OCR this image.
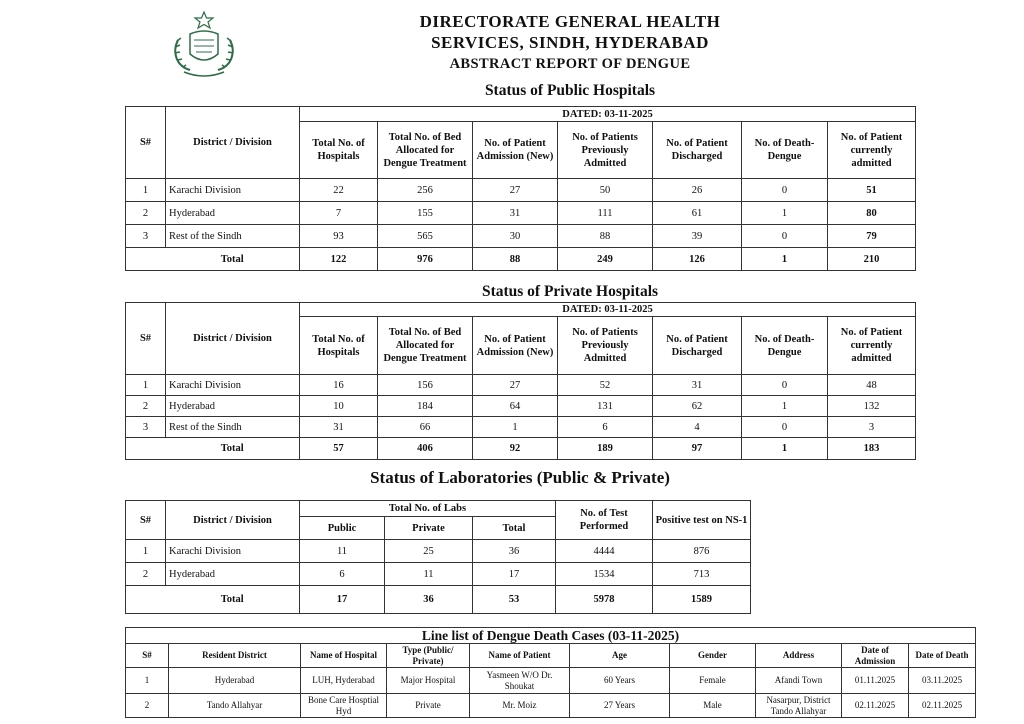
DIRECTORATE GENERAL HEALTH
SERVICES, SINDH, HYDERABAD
ABSTRACT REPORT OF DENGUE
Status of Public Hospitals
S#	District / Division	DATED: 03-11-2025						
		Total No. of Hospitals	Total No. of Bed Allocated for Dengue Treatment	No. of Patient Admission (New)	No. of Patients Previously Admitted	No. of Patient Discharged	No. of Death-Dengue	No. of Patient currently admitted
1	Karachi Division	22	256	27	50	26	0	51
2	Hyderabad	7	155	31	111	61	1	80
3	Rest of the Sindh	93	565	30	88	39	0	79
	Total	122	976	88	249	126	1	210
Status of Private Hospitals
S#	District / Division	DATED: 03-11-2025						
		Total No. of Hospitals	Total No. of Bed Allocated for Dengue Treatment	No. of Patient Admission (New)	No. of Patients Previously Admitted	No. of Patient Discharged	No. of Death-Dengue	No. of Patient currently admitted
1	Karachi Division	16	156	27	52	31	0	48
2	Hyderabad	10	184	64	131	62	1	132
3	Rest of the Sindh	31	66	1	6	4	0	3
	Total	57	406	92	189	97	1	183
Status of Laboratories (Public & Private)
S#	District / Division	Total No. of Labs			No. of Test Performed	Positive test on NS-1
		Public	Private	Total		
1	Karachi Division	11	25	36	4444	876
2	Hyderabad	6	11	17	1534	713
	Total	17	36	53	5978	1589
Line list of Dengue Death Cases (03-11-2025)									
S#	Resident District	Name of Hospital	Type (Public/ Private)	Name of Patient	Age	Gender	Address	Date of Admission	Date of Death
1	Hyderabad	LUH, Hyderabad	Major Hospital	Yasmeen W/O Dr. Shoukat	60 Years	Female	Afandi Town	01.11.2025	03.11.2025
2	Tando Allahyar	Bone Care Hosptial Hyd	Private	Mr. Moiz	27 Years	Male	Nasarpur, District Tando Allahyar	02.11.2025	02.11.2025
